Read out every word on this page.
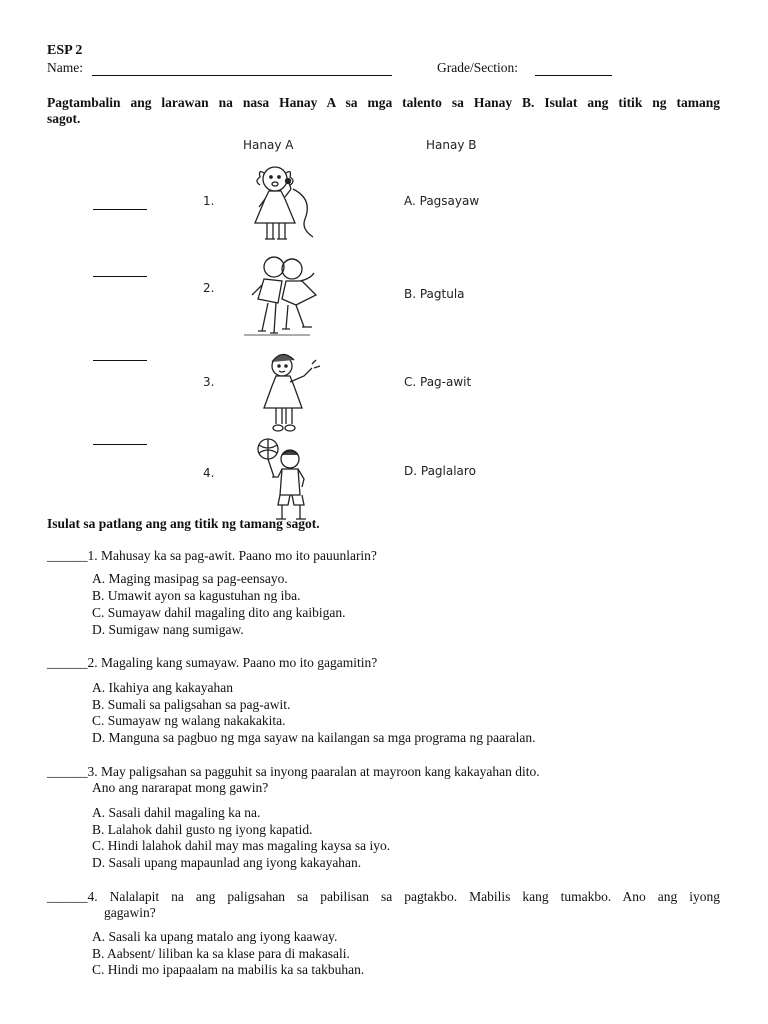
ESP 2
Name:	Grade/Section:
Pagtambalin ang larawan na nasa Hanay A sa mga talento sa Hanay B. Isulat ang titik ng tamang
sagot.
Hanay A	Hanay B
1.
2.
3.
4.
A. Pagsayaw
B. Pagtula
C. Pag-awit
D. Paglalaro
Isulat sa patlang ang ang titik ng tamang sagot.
______1. Mahusay ka sa pag-awit. Paano mo ito pauunlarin?
A. Maging masipag sa pag-eensayo.
B. Umawit ayon sa kagustuhan ng iba.
C. Sumayaw dahil magaling dito ang kaibigan.
D. Sumigaw nang sumigaw.
______2. Magaling kang sumayaw. Paano mo ito gagamitin?
A. Ikahiya ang kakayahan
B. Sumali sa paligsahan sa pag-awit.
C. Sumayaw ng walang nakakakita.
D. Manguna sa pagbuo ng mga sayaw na kailangan sa mga programa ng paaralan.
______3. May paligsahan sa pagguhit sa inyong paaralan at mayroon kang kakayahan dito.
Ano ang nararapat mong gawin?
A. Sasali dahil magaling ka na.
B. Lalahok dahil gusto ng iyong kapatid.
C. Hindi lalahok dahil may mas magaling kaysa sa iyo.
D. Sasali upang mapaunlad ang iyong kakayahan.
______ 4. Nalalapit na ang paligsahan sa pabilisan sa pagtakbo. Mabilis kang tumakbo. Ano ang iyong
gagawin?
A. Sasali ka upang matalo ang iyong kaaway.
B. Aabsent/ liliban ka sa klase para di makasali.
C. Hindi mo ipapaalam na mabilis ka sa takbuhan.
